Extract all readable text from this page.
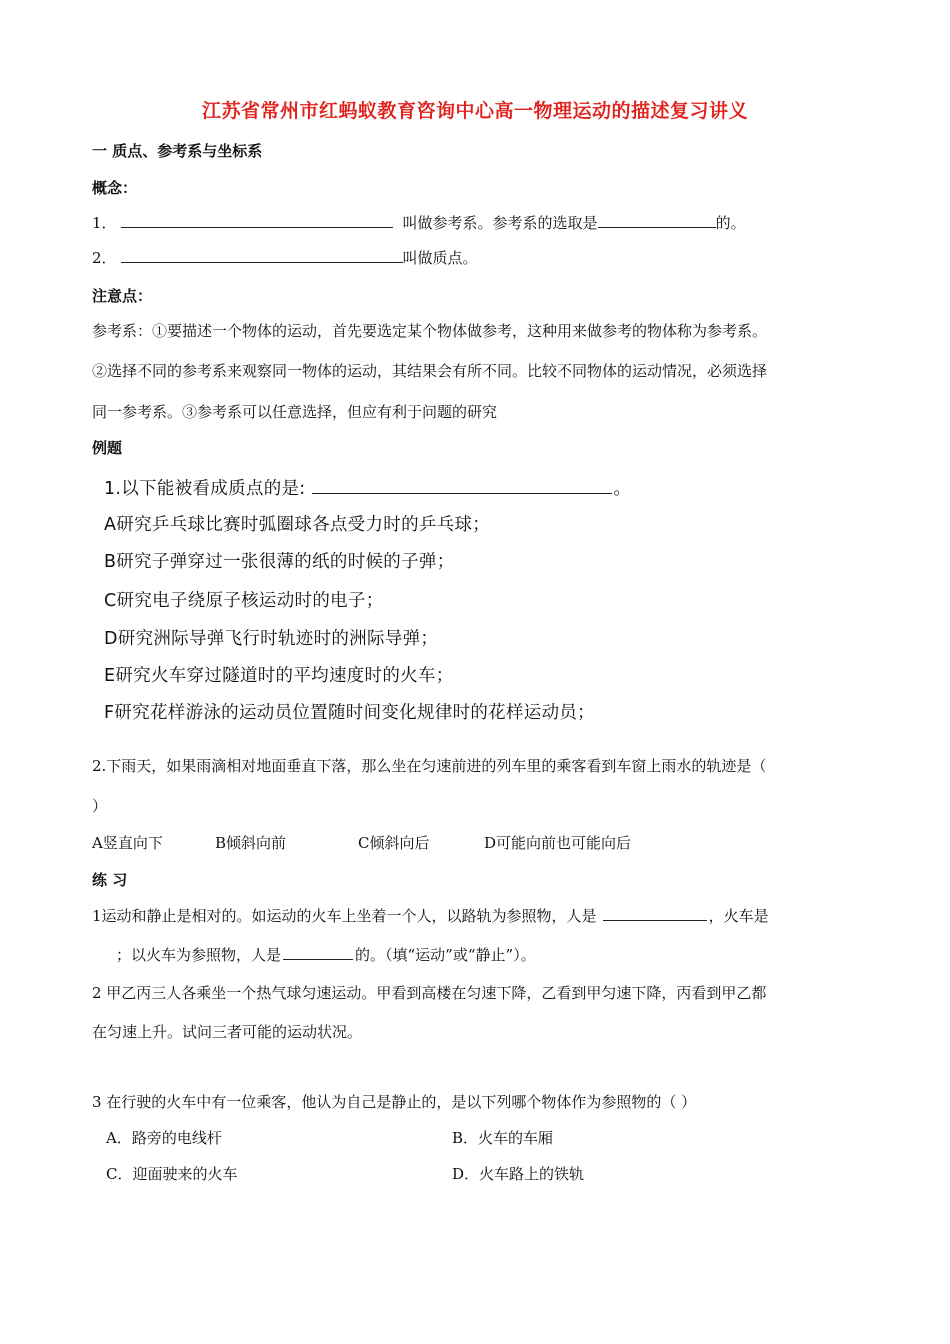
江苏省常州市红蚂蚁教育咨询中心高一物理运动的描述复习讲义
一 质点、参考系与坐标系
概念：
1．	叫做参考系。参考系的选取是	的。
2．	叫做质点。
注意点：
参考系：①要描述一个物体的运动，首先要选定某个物体做参考，这种用来做参考的物体称为参考系。
②选择不同的参考系来观察同一物体的运动，其结果会有所不同。比较不同物体的运动情况，必须选择
同一参考系。③参考系可以任意选择，但应有利于问题的研究
例题
1.以下能被看成质点的是:	。
A研究乒乓球比赛时弧圈球各点受力时的乒乓球；
B研究子弹穿过一张很薄的纸的时候的子弹；
C研究电子绕原子核运动时的电子；
D研究洲际导弹飞行时轨迹时的洲际导弹；
E研究火车穿过隧道时的平均速度时的火车；
F研究花样游泳的运动员位置随时间变化规律时的花样运动员；
2.下雨天，如果雨滴相对地面垂直下落，那么坐在匀速前进的列车里的乘客看到车窗上雨水的轨迹是（
）
A竖直向下	B倾斜向前	C倾斜向后	D可能向前也可能向后
练 习
1运动和静止是相对的。如运动的火车上坐着一个人，以路轨为参照物，人是	，火车是
；以火车为参照物，人是	的。（填“运动”或“静止”）。
2 甲乙丙三人各乘坐一个热气球匀速运动。甲看到高楼在匀速下降，乙看到甲匀速下降，丙看到甲乙都
在匀速上升。试问三者可能的运动状况。
3 在行驶的火车中有一位乘客，他认为自己是静止的，是以下列哪个物体作为参照物的（ ）
A．路旁的电线杆	B．火车的车厢
C．迎面驶来的火车	D．火车路上的铁轨
